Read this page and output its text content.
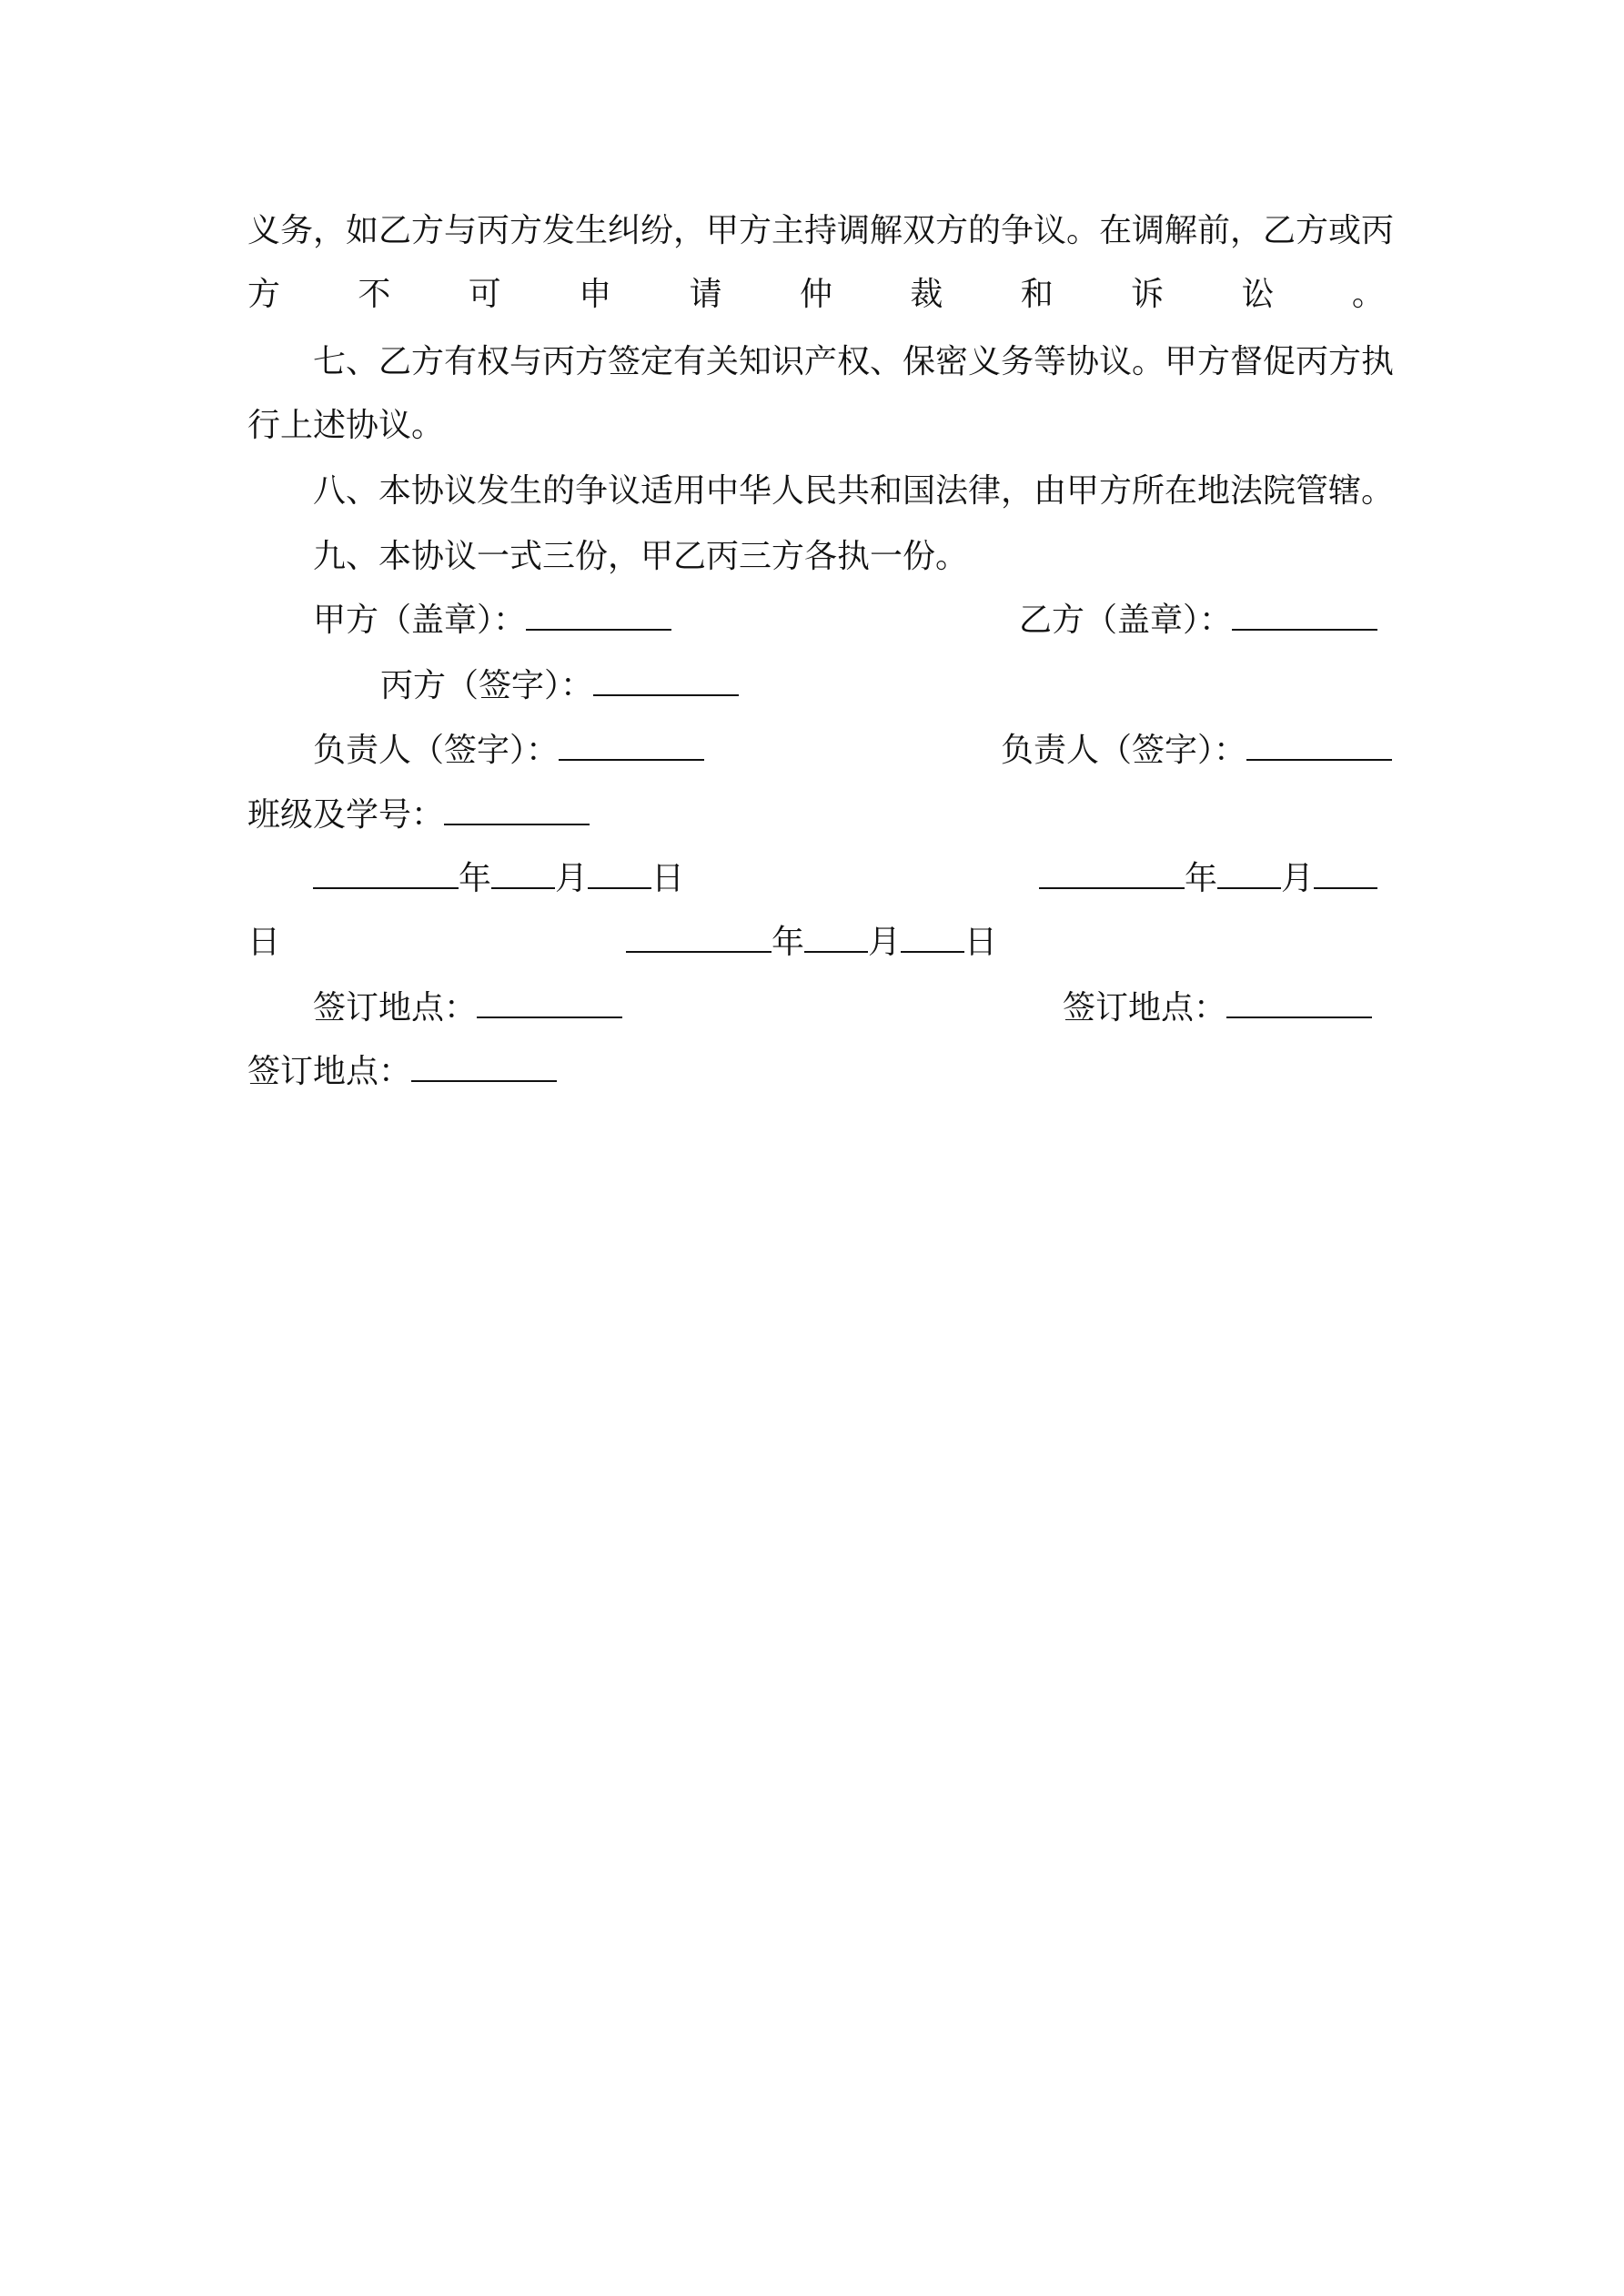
义务，如乙方与丙方发生纠纷，甲方主持调解双方的争议。在调解前，乙方或丙
方 不 可 申 请 仲 裁 和 诉 讼 。
七、乙方有权与丙方签定有关知识产权、保密义务等协议。甲方督促丙方执
行上述协议。
八、本协议发生的争议适用中华人民共和国法律，由甲方所在地法院管辖。
九、本协议一式三份，甲乙丙三方各执一份。
甲方（盖章）：	乙方（盖章）：
丙方（签字）：
负责人（签字）：	负责人（签字）：
班级及学号：
年 月 日	年 月
日	年 月 日
签订地点：	签订地点：
签订地点：
